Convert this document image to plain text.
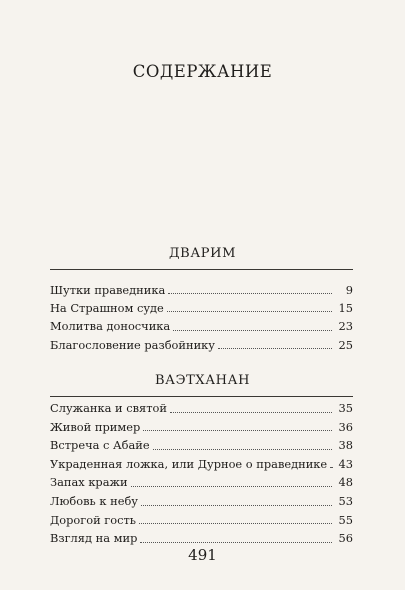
СОДЕРЖАНИЕ
ДВАРИМ
Шутки праведника	9
На Страшном суде	15
Молитва доносчика	23
Благословение разбойнику	25
ВАЭТХАНАН
Служанка и святой	35
Живой пример	36
Встреча с Абайе	38
Украденная ложка, или Дурное о праведнике 43
Запах кражи	48
Любовь к небу	53
Дорогой гость	55
Взгляд на мир	56
491
